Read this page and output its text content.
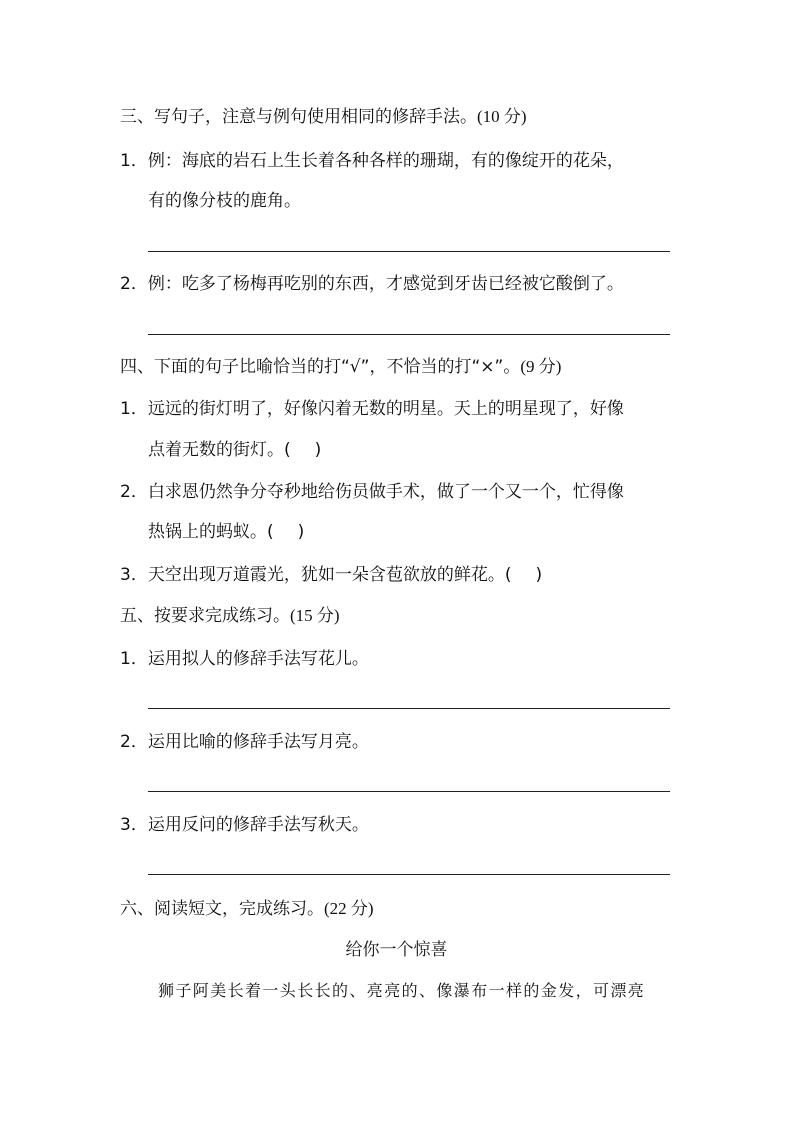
三、写句子，注意与例句使用相同的修辞手法。(10 分)
1．例：海底的岩石上生长着各种各样的珊瑚，有的像绽开的花朵，
有的像分枝的鹿角。
2．例：吃多了杨梅再吃别的东西，才感觉到牙齿已经被它酸倒了。
四、下面的句子比喻恰当的打“√”，不恰当的打“×”。(9 分)
1．远远的街灯明了，好像闪着无数的明星。天上的明星现了，好像
点着无数的街灯。( )
2．白求恩仍然争分夺秒地给伤员做手术，做了一个又一个，忙得像
热锅上的蚂蚁。( )
3．天空出现万道霞光，犹如一朵含苞欲放的鲜花。( )
五、按要求完成练习。(15 分)
1．运用拟人的修辞手法写花儿。
2．运用比喻的修辞手法写月亮。
3．运用反问的修辞手法写秋天。
六、阅读短文，完成练习。(22 分)
给你一个惊喜
狮子阿美长着一头长长的、亮亮的、像瀑布一样的金发，可漂亮
